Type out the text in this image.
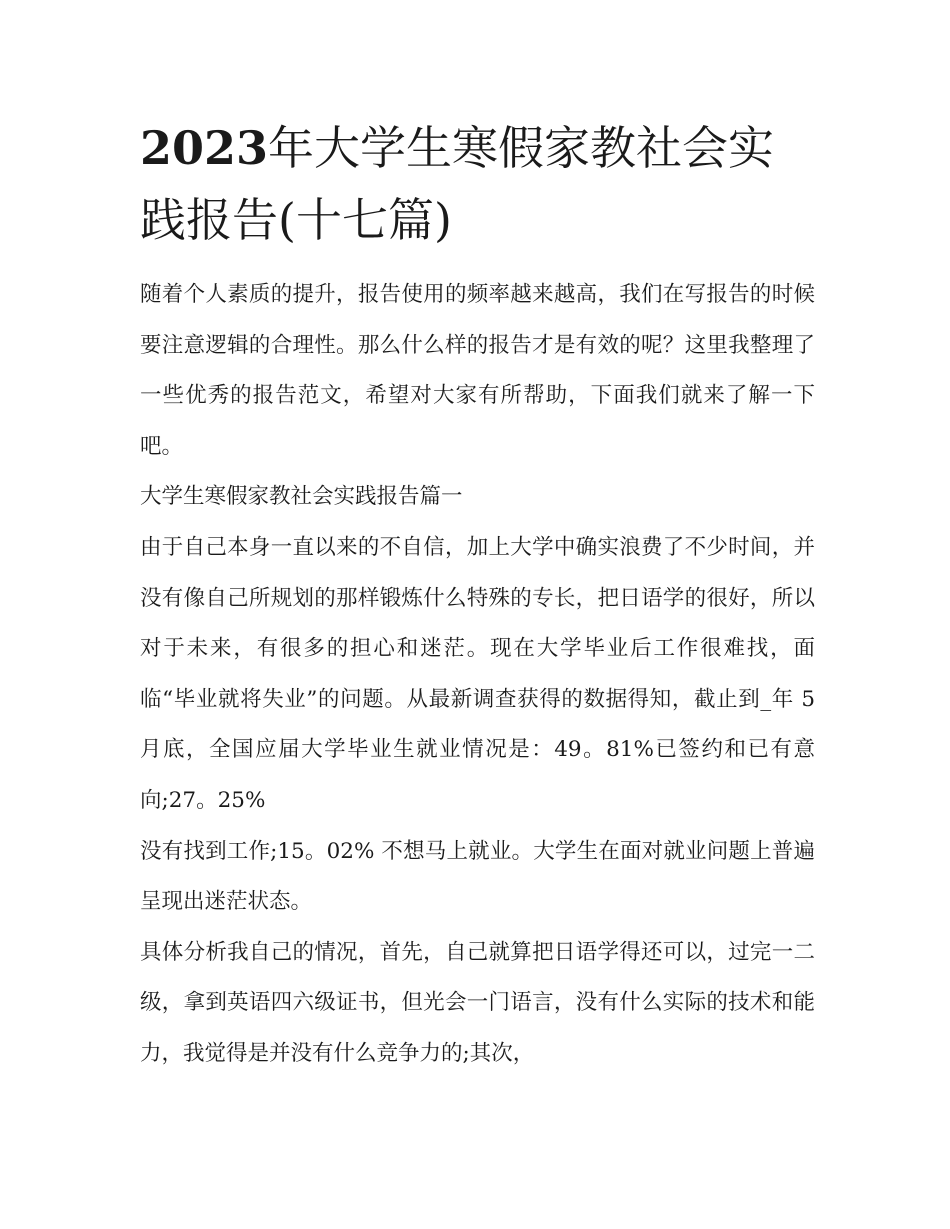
2023年大学生寒假家教社会实践报告(十七篇)

随着个人素质的提升，报告使用的频率越来越高，我们在写报告的时候要注意逻辑的合理性。那么什么样的报告才是有效的呢？这里我整理了一些优秀的报告范文，希望对大家有所帮助，下面我们就来了解一下吧。

大学生寒假家教社会实践报告篇一

由于自己本身一直以来的不自信，加上大学中确实浪费了不少时间，并没有像自己所规划的那样锻炼什么特殊的专长，把日语学的很好，所以对于未来，有很多的担心和迷茫。现在大学毕业后工作很难找，面临“毕业就将失业”的问题。从最新调查获得的数据得知，截止到_年 5 月底，全国应届大学毕业生就业情况是：49。81%已签约和已有意向;27。25%

没有找到工作;15。02% 不想马上就业。大学生在面对就业问题上普遍呈现出迷茫状态。

具体分析我自己的情况，首先，自己就算把日语学得还可以，过完一二级，拿到英语四六级证书，但光会一门语言，没有什么实际的技术和能力，我觉得是并没有什么竞争力的;其次，
